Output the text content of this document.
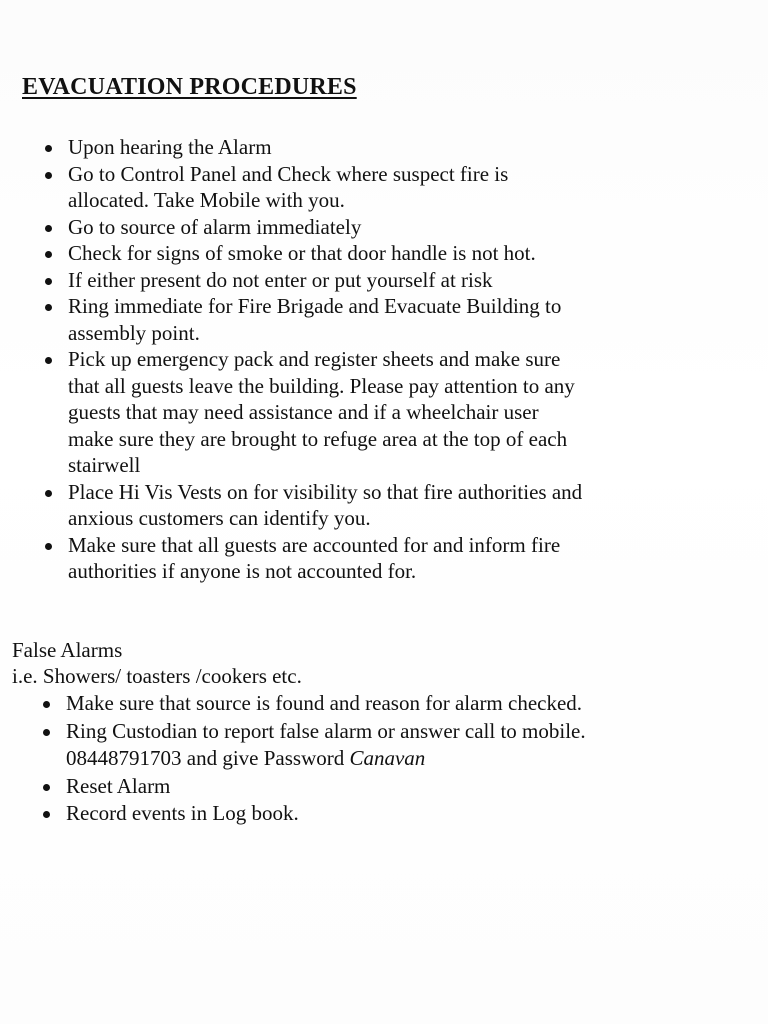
EVACUATION PROCEDURES
Upon hearing the Alarm
Go to Control Panel and Check where suspect fire is
allocated. Take Mobile with you.
Go to source of alarm immediately
Check for signs of smoke or that door handle is not hot.
If either present do not enter or put yourself at risk
Ring immediate for Fire Brigade and Evacuate Building to
assembly point.
Pick up emergency pack and register sheets and make sure
that all guests leave the building. Please pay attention to any
guests that may need assistance and if a wheelchair user
make sure they are brought to refuge area at the top of each
stairwell
Place Hi Vis Vests on for visibility so that fire authorities and
anxious customers can identify you.
Make sure that all guests are accounted for and inform fire
authorities if anyone is not accounted for.

False Alarms

i.e. Showers/ toasters /cookers etc.

Make sure that source is found and reason for alarm checked.
Ring Custodian to report false alarm or answer call to mobile.
08448791703 and give Password Canavan
Reset Alarm
Record events in Log book.
